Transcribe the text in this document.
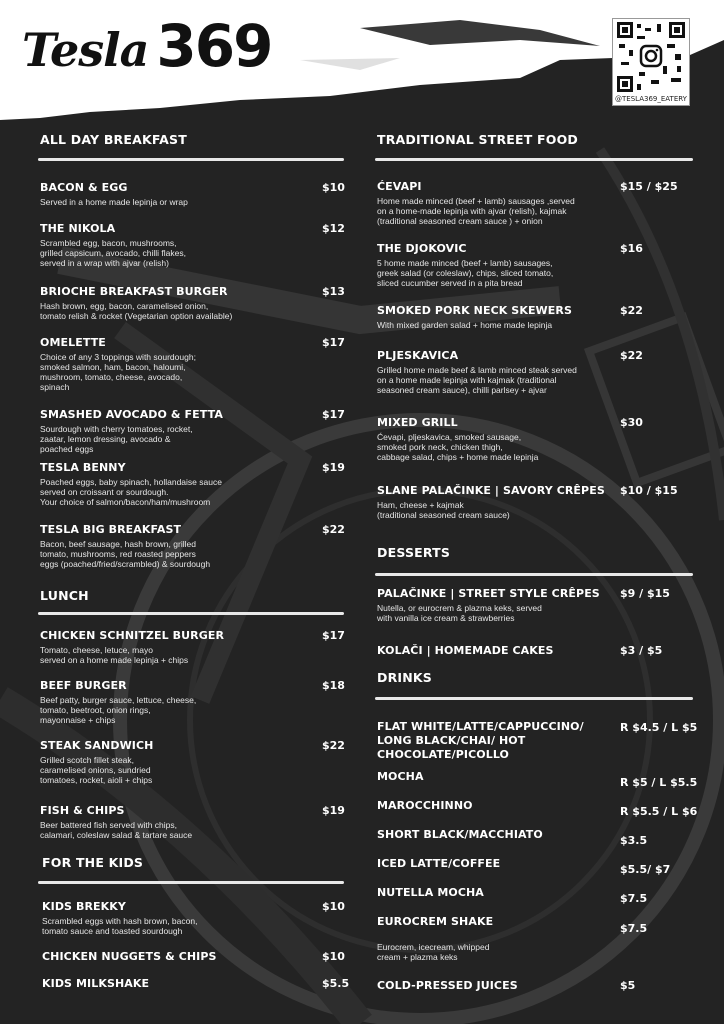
Tesla 369
@TESLA369_EATERY
ALL DAY BREAKFAST
BACON & EGG
Served in a home made lepinja or wrap
$10
THE NIKOLA
Scrambled egg, bacon, mushrooms,
grilled capsicum, avocado, chilli flakes,
served in a wrap with ajvar (relish)
$12
BRIOCHE BREAKFAST BURGER
Hash brown, egg, bacon, caramelised onion,
tomato relish & rocket (Vegetarian option available)
$13
OMELETTE
Choice of any 3 toppings with sourdough;
smoked salmon, ham, bacon, haloumi,
mushroom, tomato, cheese, avocado,
spinach
$17
SMASHED AVOCADO & FETTA
Sourdough with cherry tomatoes, rocket,
zaatar, lemon dressing, avocado &
poached eggs
$17
TESLA BENNY
Poached eggs, baby spinach, hollandaise sauce
served on croissant or sourdough.
Your choice of salmon/bacon/ham/mushroom
$19
TESLA BIG BREAKFAST
Bacon, beef sausage, hash brown, grilled
tomato, mushrooms, red roasted peppers
eggs (poached/fried/scrambled) & sourdough
$22
LUNCH
CHICKEN SCHNITZEL BURGER
Tomato, cheese, letuce, mayo
served on a home made lepinja + chips
$17
BEEF BURGER
Beef patty, burger sauce, lettuce, cheese,
tomato, beetroot, onion rings,
mayonnaise + chips
$18
STEAK SANDWICH
Grilled scotch fillet steak,
caramelised onions, sundried
tomatoes, rocket, aioli + chips
$22
FISH & CHIPS
Beer battered fish served with chips,
calamari, coleslaw salad & tartare sauce
$19
FOR THE KIDS
KIDS BREKKY
Scrambled eggs with hash brown, bacon,
tomato sauce and toasted sourdough
$10
CHICKEN NUGGETS & CHIPS	$10
KIDS MILKSHAKE	$5.5
TRADITIONAL STREET FOOD
ĆEVAPI
Home made minced (beef + lamb) sausages ,served
on a home-made lepinja with ajvar (relish), kajmak
(traditional seasoned cream sauce ) + onion
$15 / $25
THE DJOKOVIC
5 home made minced (beef + lamb) sausages,
greek salad (or coleslaw), chips, sliced tomato,
sliced cucumber served in a pita bread
$16
SMOKED PORK NECK SKEWERS
With mixed garden salad + home made lepinja
$22
PLJESKAVICA
Grilled home made beef & lamb minced steak served
on a home made lepinja with kajmak (traditional
seasoned cream sauce), chilli parlsey + ajvar
$22
MIXED GRILL
Ćevapi, pljeskavica, smoked sausage,
smoked pork neck, chicken thigh,
cabbage salad, chips + home made lepinja
$30
SLANE PALAČINKE | SAVORY CRÊPES
Ham, cheese + kajmak
(traditional seasoned cream sauce)
$10 / $15
DESSERTS
PALAČINKE | STREET STYLE CRÊPES
Nutella, or eurocrem & plazma keks, served
with vanilla ice cream & strawberries
$9 / $15
KOLAČI | HOMEMADE CAKES	$3 / $5
DRINKS
FLAT WHITE/LATTE/CAPPUCCINO/ LONG BLACK/CHAI/ HOT CHOCOLATE/PICOLLO
R $4.5 / L $5
MOCHA	R $5 / L $5.5
MAROCCHINNO	R $5.5 / L $6
SHORT BLACK/MACCHIATO	$3.5
ICED LATTE/COFFEE	$5.5/ $7
NUTELLA MOCHA	$7.5
EUROCREM SHAKE
Eurocrem, icecream, whipped
cream + plazma keks
$7.5
COLD-PRESSED JUICES	$5
